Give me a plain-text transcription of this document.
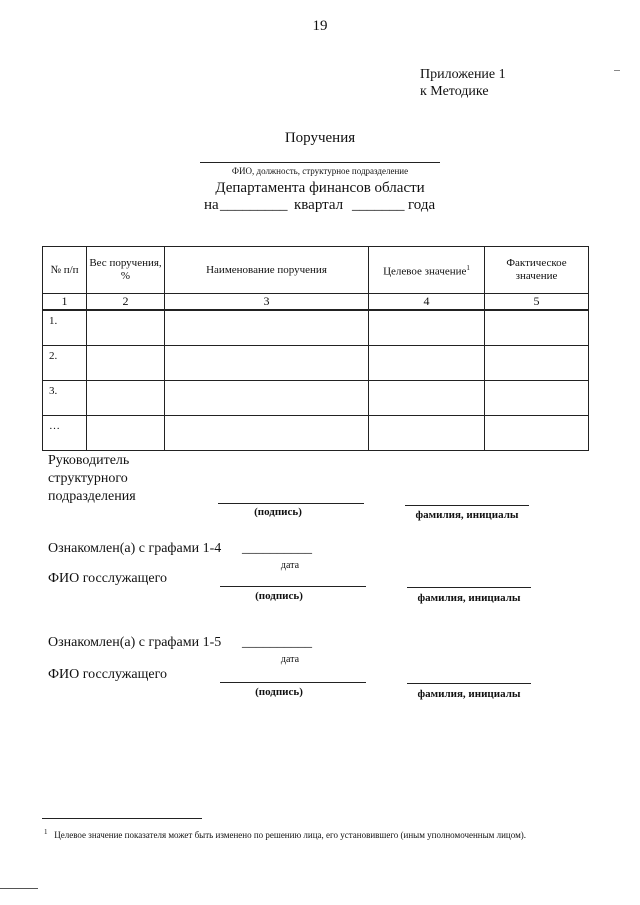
19
Приложение 1
к Методике
Поручения
ФИО, должность, структурное подразделение
Департамента финансов области
на _________ квартал _______ года
№ п/п	Вес поручения, %	Наименование поручения	Целевое значение$^1$	Фактическое значение
1	2	3	4	5
1.				
2.				
3.				
…				
Руководитель
структурного
подразделения
(подпись)	фамилия, инициалы
Ознакомлен(а) с графами 1-4 __________
дата
ФИО госслужащего
(подпись)	фамилия, инициалы
Ознакомлен(а) с графами 1-5 __________
дата
ФИО госслужащего
(подпись)	фамилия, инициалы
$^1$ Целевое значение показателя может быть изменено по решению лица, его установившего (иным уполномоченным лицом).
